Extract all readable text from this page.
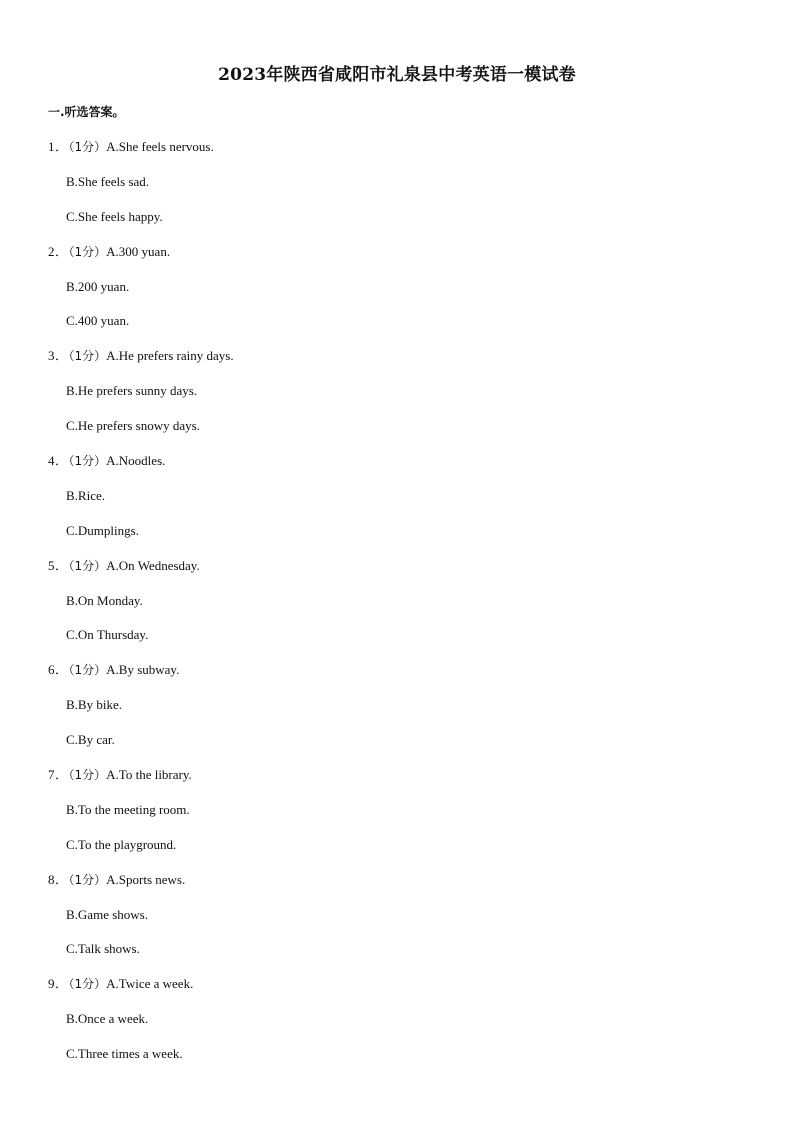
2023年陕西省咸阳市礼泉县中考英语一模试卷
一.听选答案。
1．（1分）A.She feels nervous.
B.She feels sad.
C.She feels happy.
2．（1分）A.300 yuan.
B.200 yuan.
C.400 yuan.
3．（1分）A.He prefers rainy days.
B.He prefers sunny days.
C.He prefers snowy days.
4．（1分）A.Noodles.
B.Rice.
C.Dumplings.
5．（1分）A.On Wednesday.
B.On Monday.
C.On Thursday.
6．（1分）A.By subway.
B.By bike.
C.By car.
7．（1分）A.To the library.
B.To the meeting room.
C.To the playground.
8．（1分）A.Sports news.
B.Game shows.
C.Talk shows.
9．（1分）A.Twice a week.
B.Once a week.
C.Three times a week.
